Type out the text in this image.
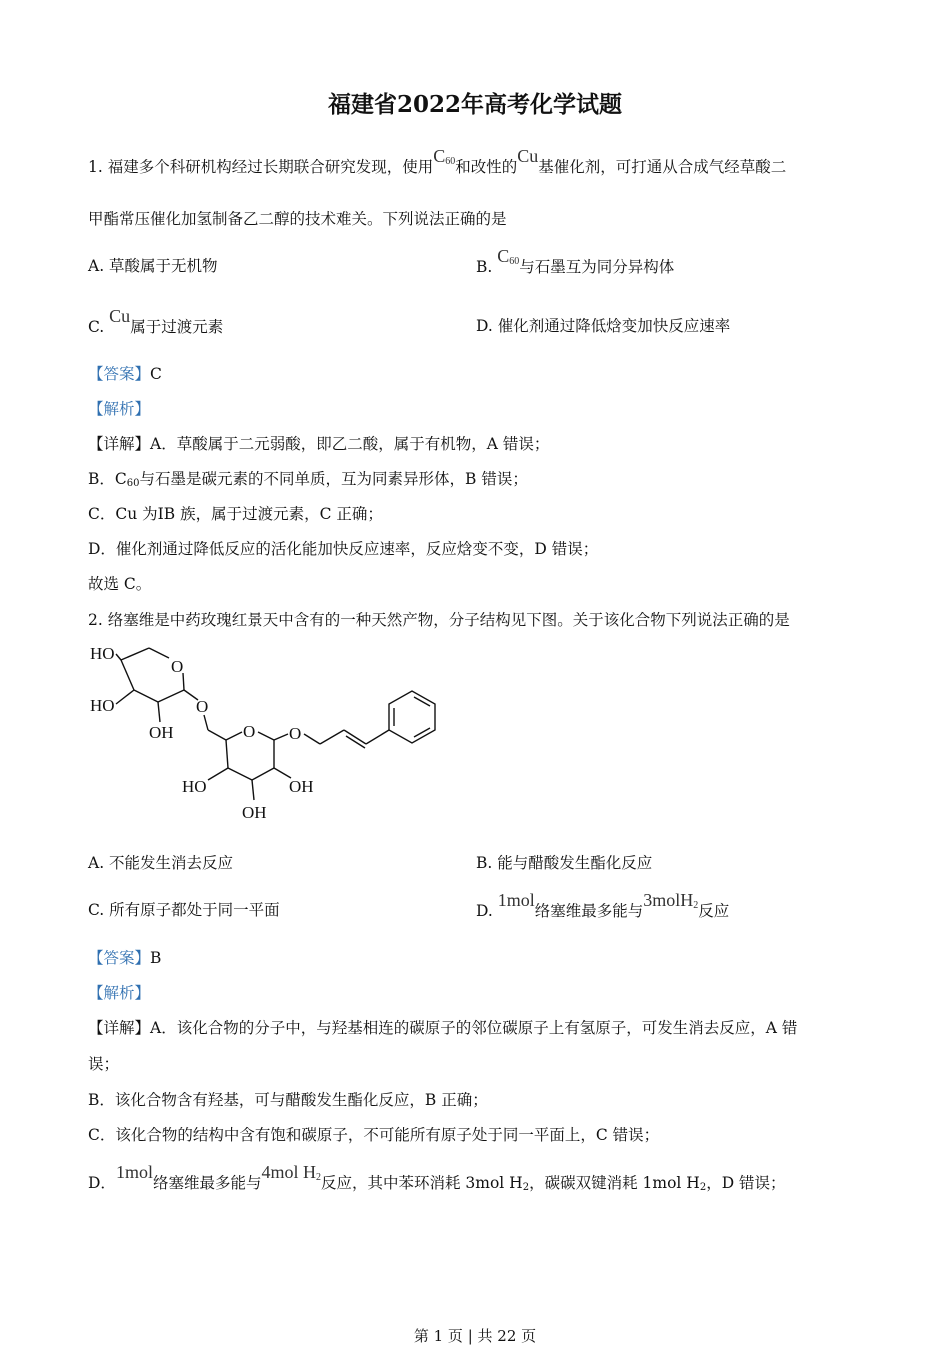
福建省2022年高考化学试题
1. 福建多个科研机构经过长期联合研究发现，使用$C_{60}$和改性的Cu基催化剂，可打通从合成气经草酸二
甲酯常压催化加氢制备乙二醇的技术难关。下列说法正确的是
A. 草酸属于无机物	B. $C_{60}$与石墨互为同分异构体
C. Cu属于过渡元素	D. 催化剂通过降低焓变加快反应速率
【答案】C
【解析】
【详解】A．草酸属于二元弱酸，即乙二酸，属于有机物，A 错误；
B．$C_{60}$与石墨是碳元素的不同单质，互为同素异形体，B 错误；
C．Cu 为ⅠB 族，属于过渡元素，C 正确；
D．催化剂通过降低反应的活化能加快反应速率，反应焓变不变，D 错误；
故选 C。
2. 络塞维是中药玫瑰红景天中含有的一种天然产物，分子结构见下图。关于该化合物下列说法正确的是
HO
O
HO	O
OH	O O
HO	OH
OH
A. 不能发生消去反应	B. 能与醋酸发生酯化反应
C. 所有原子都处于同一平面	D. 1mol络塞维最多能与3molH$_2$反应
【答案】B
【解析】
【详解】A．该化合物的分子中，与羟基相连的碳原子的邻位碳原子上有氢原子，可发生消去反应，A 错
误；
B．该化合物含有羟基，可与醋酸发生酯化反应，B 正确；
C．该化合物的结构中含有饱和碳原子，不可能所有原子处于同一平面上，C 错误；
D．1mol络塞维最多能与4mol $H_2$反应，其中苯环消耗 3mol $H_2$，碳碳双键消耗 1mol $H_2$，D 错误；
第 1 页 | 共 22 页
